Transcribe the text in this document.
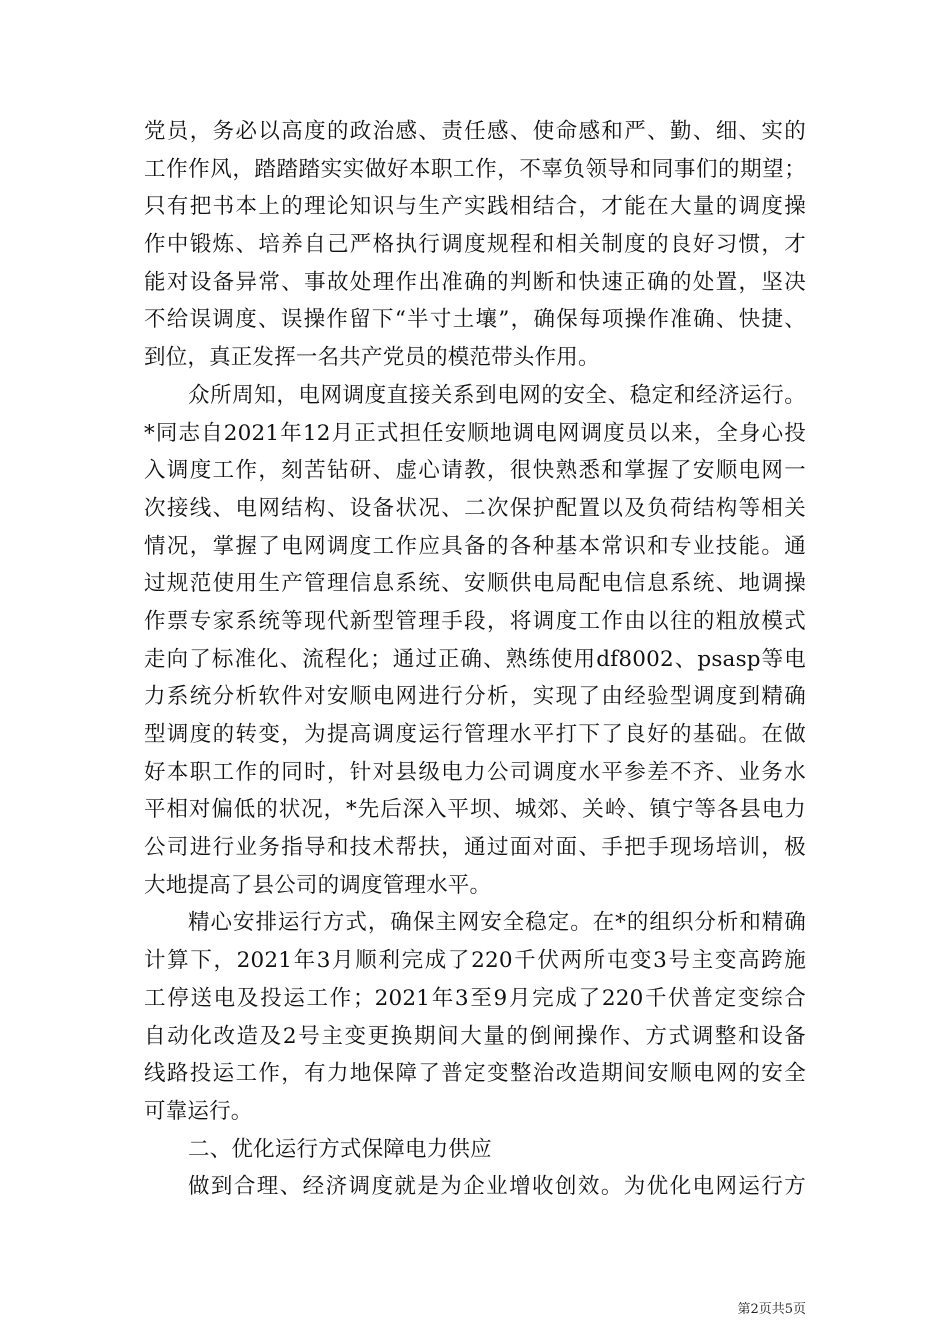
党员，务必以高度的政治感、责任感、使命感和严、勤、细、实的
工作作风，踏踏踏实实做好本职工作，不辜负领导和同事们的期望；
只有把书本上的理论知识与生产实践相结合，才能在大量的调度操
作中锻炼、培养自己严格执行调度规程和相关制度的良好习惯，才
能对设备异常、事故处理作出准确的判断和快速正确的处置，坚决
不给误调度、误操作留下“半寸土壤”，确保每项操作准确、快捷、
到位，真正发挥一名共产党员的模范带头作用。
众所周知，电网调度直接关系到电网的安全、稳定和经济运行。
*同志自2021年12月正式担任安顺地调电网调度员以来，全身心投
入调度工作，刻苦钻研、虚心请教，很快熟悉和掌握了安顺电网一
次接线、电网结构、设备状况、二次保护配置以及负荷结构等相关
情况，掌握了电网调度工作应具备的各种基本常识和专业技能。通
过规范使用生产管理信息系统、安顺供电局配电信息系统、地调操
作票专家系统等现代新型管理手段，将调度工作由以往的粗放模式
走向了标准化、流程化；通过正确、熟练使用df8002、psasp等电
力系统分析软件对安顺电网进行分析，实现了由经验型调度到精确
型调度的转变，为提高调度运行管理水平打下了良好的基础。在做
好本职工作的同时，针对县级电力公司调度水平参差不齐、业务水
平相对偏低的状况，*先后深入平坝、城郊、关岭、镇宁等各县电力
公司进行业务指导和技术帮扶，通过面对面、手把手现场培训，极
大地提高了县公司的调度管理水平。
精心安排运行方式，确保主网安全稳定。在*的组织分析和精确
计算下，2021年3月顺利完成了220千伏两所屯变3号主变高跨施
工停送电及投运工作；2021年3至9月完成了220千伏普定变综合
自动化改造及2号主变更换期间大量的倒闸操作、方式调整和设备
线路投运工作，有力地保障了普定变整治改造期间安顺电网的安全
可靠运行。
二、优化运行方式保障电力供应
做到合理、经济调度就是为企业增收创效。为优化电网运行方
第2页共5页
